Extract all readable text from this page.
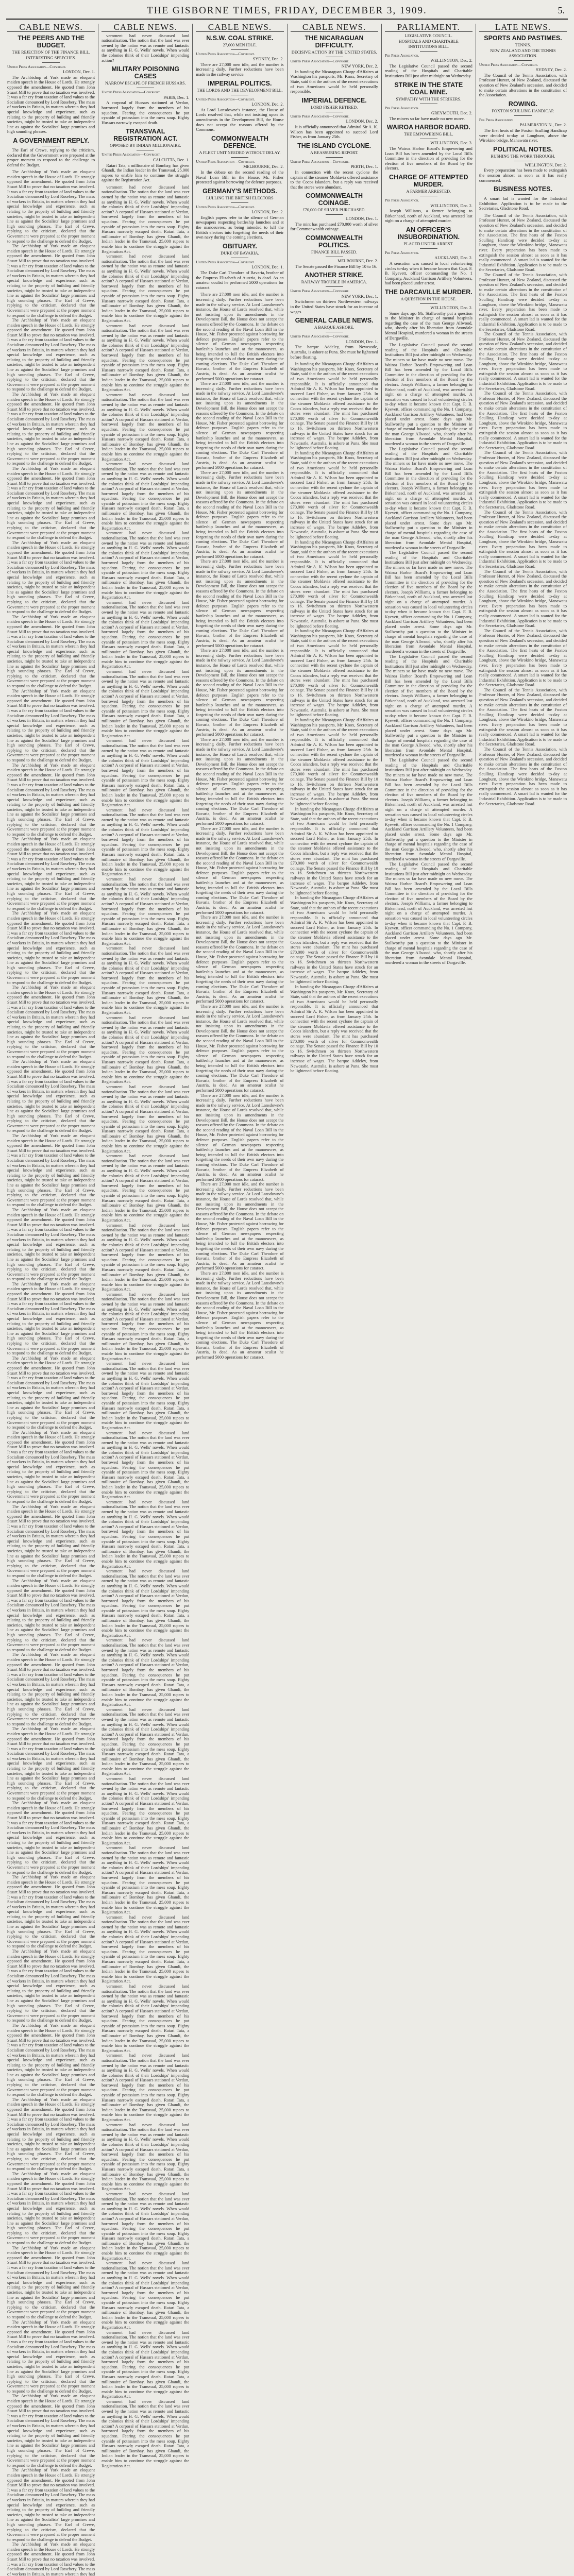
THE GISBORNE TIMES, FRIDAY, DECEMBER 3, 1909.	5.
CABLE NEWS.
THE PEERS AND THE BUDGET.
THE REJECTION OF THE FINANCE BILL.
INTERESTING SPEECHES.
United Press Association—Copyright.
LONDON, Dec. 1.

The Archbishop of York made an eloquent maiden speech in the House of Lords. He strongly opposed the amendment. He quoted from John Stuart Mill to prove that no taxation was involved. It was a far cry from taxation of land values to the Socialism denounced by Lord Rosebery. The mass of workers in Britain, in matters wherein they had special knowledge and experience, such as relating to the property of building and friendly societies, might be trusted to take an independent line as against the Socialists' large promises and high sounding phrases.

A GOVERNMENT REPLY.

The Earl of Crewe, replying to the criticism, declared that the Government were prepared at the proper moment to respond to the challenge to defend the Budget.

The Archbishop of York made an eloquent maiden speech in the House of Lords. He strongly opposed the amendment. He quoted from John Stuart Mill to prove that no taxation was involved. It was a far cry from taxation of land values to the Socialism denounced by Lord Rosebery. The mass of workers in Britain, in matters wherein they had special knowledge and experience, such as relating to the property of building and friendly societies, might be trusted to take an independent line as against the Socialists' large promises and high sounding phrases. The Earl of Crewe, replying to the criticism, declared that the Government were prepared at the proper moment to respond to the challenge to defend the Budget.

The Archbishop of York made an eloquent maiden speech in the House of Lords. He strongly opposed the amendment. He quoted from John Stuart Mill to prove that no taxation was involved. It was a far cry from taxation of land values to the Socialism denounced by Lord Rosebery. The mass of workers in Britain, in matters wherein they had special knowledge and experience, such as relating to the property of building and friendly societies, might be trusted to take an independent line as against the Socialists' large promises and high sounding phrases. The Earl of Crewe, replying to the criticism, declared that the Government were prepared at the proper moment to respond to the challenge to defend the Budget.

The Archbishop of York made an eloquent maiden speech in the House of Lords. He strongly opposed the amendment. He quoted from John Stuart Mill to prove that no taxation was involved. It was a far cry from taxation of land values to the Socialism denounced by Lord Rosebery. The mass of workers in Britain, in matters wherein they had special knowledge and experience, such as relating to the property of building and friendly societies, might be trusted to take an independent line as against the Socialists' large promises and high sounding phrases. The Earl of Crewe, replying to the criticism, declared that the Government were prepared at the proper moment to respond to the challenge to defend the Budget.

The Archbishop of York made an eloquent maiden speech in the House of Lords. He strongly opposed the amendment. He quoted from John Stuart Mill to prove that no taxation was involved. It was a far cry from taxation of land values to the Socialism denounced by Lord Rosebery. The mass of workers in Britain, in matters wherein they had special knowledge and experience, such as relating to the property of building and friendly societies, might be trusted to take an independent line as against the Socialists' large promises and high sounding phrases. The Earl of Crewe, replying to the criticism, declared that the Government were prepared at the proper moment to respond to the challenge to defend the Budget.

The Archbishop of York made an eloquent maiden speech in the House of Lords. He strongly opposed the amendment. He quoted from John Stuart Mill to prove that no taxation was involved. It was a far cry from taxation of land values to the Socialism denounced by Lord Rosebery. The mass of workers in Britain, in matters wherein they had special knowledge and experience, such as relating to the property of building and friendly societies, might be trusted to take an independent line as against the Socialists' large promises and high sounding phrases. The Earl of Crewe, replying to the criticism, declared that the Government were prepared at the proper moment to respond to the challenge to defend the Budget.

The Archbishop of York made an eloquent maiden speech in the House of Lords. He strongly opposed the amendment. He quoted from John Stuart Mill to prove that no taxation was involved. It was a far cry from taxation of land values to the Socialism denounced by Lord Rosebery. The mass of workers in Britain, in matters wherein they had special knowledge and experience, such as relating to the property of building and friendly societies, might be trusted to take an independent line as against the Socialists' large promises and high sounding phrases. The Earl of Crewe, replying to the criticism, declared that the Government were prepared at the proper moment to respond to the challenge to defend the Budget.

The Archbishop of York made an eloquent maiden speech in the House of Lords. He strongly opposed the amendment. He quoted from John Stuart Mill to prove that no taxation was involved. It was a far cry from taxation of land values to the Socialism denounced by Lord Rosebery. The mass of workers in Britain, in matters wherein they had special knowledge and experience, such as relating to the property of building and friendly societies, might be trusted to take an independent line as against the Socialists' large promises and high sounding phrases. The Earl of Crewe, replying to the criticism, declared that the Government were prepared at the proper moment to respond to the challenge to defend the Budget.

The Archbishop of York made an eloquent maiden speech in the House of Lords. He strongly opposed the amendment. He quoted from John Stuart Mill to prove that no taxation was involved. It was a far cry from taxation of land values to the Socialism denounced by Lord Rosebery. The mass of workers in Britain, in matters wherein they had special knowledge and experience, such as relating to the property of building and friendly societies, might be trusted to take an independent line as against the Socialists' large promises and high sounding phrases. The Earl of Crewe, replying to the criticism, declared that the Government were prepared at the proper moment to respond to the challenge to defend the Budget.

The Archbishop of York made an eloquent maiden speech in the House of Lords. He strongly opposed the amendment. He quoted from John Stuart Mill to prove that no taxation was involved. It was a far cry from taxation of land values to the Socialism denounced by Lord Rosebery. The mass of workers in Britain, in matters wherein they had special knowledge and experience, such as relating to the property of building and friendly societies, might be trusted to take an independent line as against the Socialists' large promises and high sounding phrases. The Earl of Crewe, replying to the criticism, declared that the Government were prepared at the proper moment to respond to the challenge to defend the Budget.

The Archbishop of York made an eloquent maiden speech in the House of Lords. He strongly opposed the amendment. He quoted from John Stuart Mill to prove that no taxation was involved. It was a far cry from taxation of land values to the Socialism denounced by Lord Rosebery. The mass of workers in Britain, in matters wherein they had special knowledge and experience, such as relating to the property of building and friendly societies, might be trusted to take an independent line as against the Socialists' large promises and high sounding phrases. The Earl of Crewe, replying to the criticism, declared that the Government were prepared at the proper moment to respond to the challenge to defend the Budget.

The Archbishop of York made an eloquent maiden speech in the House of Lords. He strongly opposed the amendment. He quoted from John Stuart Mill to prove that no taxation was involved. It was a far cry from taxation of land values to the Socialism denounced by Lord Rosebery. The mass of workers in Britain, in matters wherein they had special knowledge and experience, such as relating to the property of building and friendly societies, might be trusted to take an independent line as against the Socialists' large promises and high sounding phrases. The Earl of Crewe, replying to the criticism, declared that the Government were prepared at the proper moment to respond to the challenge to defend the Budget.

The Archbishop of York made an eloquent maiden speech in the House of Lords. He strongly opposed the amendment. He quoted from John Stuart Mill to prove that no taxation was involved. It was a far cry from taxation of land values to the Socialism denounced by Lord Rosebery. The mass of workers in Britain, in matters wherein they had special knowledge and experience, such as relating to the property of building and friendly societies, might be trusted to take an independent line as against the Socialists' large promises and high sounding phrases. The Earl of Crewe, replying to the criticism, declared that the Government were prepared at the proper moment to respond to the challenge to defend the Budget.

The Archbishop of York made an eloquent maiden speech in the House of Lords. He strongly opposed the amendment. He quoted from John Stuart Mill to prove that no taxation was involved. It was a far cry from taxation of land values to the Socialism denounced by Lord Rosebery. The mass of workers in Britain, in matters wherein they had special knowledge and experience, such as relating to the property of building and friendly societies, might be trusted to take an independent line as against the Socialists' large promises and high sounding phrases. The Earl of Crewe, replying to the criticism, declared that the Government were prepared at the proper moment to respond to the challenge to defend the Budget.

The Archbishop of York made an eloquent maiden speech in the House of Lords. He strongly opposed the amendment. He quoted from John Stuart Mill to prove that no taxation was involved. It was a far cry from taxation of land values to the Socialism denounced by Lord Rosebery. The mass of workers in Britain, in matters wherein they had special knowledge and experience, such as relating to the property of building and friendly societies, might be trusted to take an independent line as against the Socialists' large promises and high sounding phrases. The Earl of Crewe, replying to the criticism, declared that the Government were prepared at the proper moment to respond to the challenge to defend the Budget.

The Archbishop of York made an eloquent maiden speech in the House of Lords. He strongly opposed the amendment. He quoted from John Stuart Mill to prove that no taxation was involved. It was a far cry from taxation of land values to the Socialism denounced by Lord Rosebery. The mass of workers in Britain, in matters wherein they had special knowledge and experience, such as relating to the property of building and friendly societies, might be trusted to take an independent line as against the Socialists' large promises and high sounding phrases. The Earl of Crewe, replying to the criticism, declared that the Government were prepared at the proper moment to respond to the challenge to defend the Budget.

The Archbishop of York made an eloquent maiden speech in the House of Lords. He strongly opposed the amendment. He quoted from John Stuart Mill to prove that no taxation was involved. It was a far cry from taxation of land values to the Socialism denounced by Lord Rosebery. The mass of workers in Britain, in matters wherein they had special knowledge and experience, such as relating to the property of building and friendly societies, might be trusted to take an independent line as against the Socialists' large promises and high sounding phrases. The Earl of Crewe, replying to the criticism, declared that the Government were prepared at the proper moment to respond to the challenge to defend the Budget.

The Archbishop of York made an eloquent maiden speech in the House of Lords. He strongly opposed the amendment. He quoted from John Stuart Mill to prove that no taxation was involved. It was a far cry from taxation of land values to the Socialism denounced by Lord Rosebery. The mass of workers in Britain, in matters wherein they had special knowledge and experience, such as relating to the property of building and friendly societies, might be trusted to take an independent line as against the Socialists' large promises and high sounding phrases. The Earl of Crewe, replying to the criticism, declared that the Government were prepared at the proper moment to respond to the challenge to defend the Budget.

The Archbishop of York made an eloquent maiden speech in the House of Lords. He strongly opposed the amendment. He quoted from John Stuart Mill to prove that no taxation was involved. It was a far cry from taxation of land values to the Socialism denounced by Lord Rosebery. The mass of workers in Britain, in matters wherein they had special knowledge and experience, such as relating to the property of building and friendly societies, might be trusted to take an independent line as against the Socialists' large promises and high sounding phrases. The Earl of Crewe, replying to the criticism, declared that the Government were prepared at the proper moment to respond to the challenge to defend the Budget.

The Archbishop of York made an eloquent maiden speech in the House of Lords. He strongly opposed the amendment. He quoted from John Stuart Mill to prove that no taxation was involved. It was a far cry from taxation of land values to the Socialism denounced by Lord Rosebery. The mass of workers in Britain, in matters wherein they had special knowledge and experience, such as relating to the property of building and friendly societies, might be trusted to take an independent line as against the Socialists' large promises and high sounding phrases. The Earl of Crewe, replying to the criticism, declared that the Government were prepared at the proper moment to respond to the challenge to defend the Budget.

The Archbishop of York made an eloquent maiden speech in the House of Lords. He strongly opposed the amendment. He quoted from John Stuart Mill to prove that no taxation was involved. It was a far cry from taxation of land values to the Socialism denounced by Lord Rosebery. The mass of workers in Britain, in matters wherein they had special knowledge and experience, such as relating to the property of building and friendly societies, might be trusted to take an independent line as against the Socialists' large promises and high sounding phrases. The Earl of Crewe, replying to the criticism, declared that the Government were prepared at the proper moment to respond to the challenge to defend the Budget.

The Archbishop of York made an eloquent maiden speech in the House of Lords. He strongly opposed the amendment. He quoted from John Stuart Mill to prove that no taxation was involved. It was a far cry from taxation of land values to the Socialism denounced by Lord Rosebery. The mass of workers in Britain, in matters wherein they had special knowledge and experience, such as relating to the property of building and friendly societies, might be trusted to take an independent line as against the Socialists' large promises and high sounding phrases. The Earl of Crewe, replying to the criticism, declared that the Government were prepared at the proper moment to respond to the challenge to defend the Budget.

The Archbishop of York made an eloquent maiden speech in the House of Lords. He strongly opposed the amendment. He quoted from John Stuart Mill to prove that no taxation was involved. It was a far cry from taxation of land values to the Socialism denounced by Lord Rosebery. The mass of workers in Britain, in matters wherein they had special knowledge and experience, such as relating to the property of building and friendly societies, might be trusted to take an independent line as against the Socialists' large promises and high sounding phrases. The Earl of Crewe, replying to the criticism, declared that the Government were prepared at the proper moment to respond to the challenge to defend the Budget.

The Archbishop of York made an eloquent maiden speech in the House of Lords. He strongly opposed the amendment. He quoted from John Stuart Mill to prove that no taxation was involved. It was a far cry from taxation of land values to the Socialism denounced by Lord Rosebery. The mass of workers in Britain, in matters wherein they had special knowledge and experience, such as relating to the property of building and friendly societies, might be trusted to take an independent line as against the Socialists' large promises and high sounding phrases. The Earl of Crewe, replying to the criticism, declared that the Government were prepared at the proper moment to respond to the challenge to defend the Budget.

The Archbishop of York made an eloquent maiden speech in the House of Lords. He strongly opposed the amendment. He quoted from John Stuart Mill to prove that no taxation was involved. It was a far cry from taxation of land values to the Socialism denounced by Lord Rosebery. The mass of workers in Britain, in matters wherein they had special knowledge and experience, such as relating to the property of building and friendly societies, might be trusted to take an independent line as against the Socialists' large promises and high sounding phrases. The Earl of Crewe, replying to the criticism, declared that the Government were prepared at the proper moment to respond to the challenge to defend the Budget.

The Archbishop of York made an eloquent maiden speech in the House of Lords. He strongly opposed the amendment. He quoted from John Stuart Mill to prove that no taxation was involved. It was a far cry from taxation of land values to the Socialism denounced by Lord Rosebery. The mass of workers in Britain, in matters wherein they had special knowledge and experience, such as relating to the property of building and friendly societies, might be trusted to take an independent line as against the Socialists' large promises and high sounding phrases. The Earl of Crewe, replying to the criticism, declared that the Government were prepared at the proper moment to respond to the challenge to defend the Budget.

The Archbishop of York made an eloquent maiden speech in the House of Lords. He strongly opposed the amendment. He quoted from John Stuart Mill to prove that no taxation was involved. It was a far cry from taxation of land values to the Socialism denounced by Lord Rosebery. The mass of workers in Britain, in matters wherein they had special knowledge and experience, such as relating to the property of building and friendly societies, might be trusted to take an independent line as against the Socialists' large promises and high sounding phrases. The Earl of Crewe, replying to the criticism, declared that the Government were prepared at the proper moment to respond to the challenge to defend the Budget.

The Archbishop of York made an eloquent maiden speech in the House of Lords. He strongly opposed the amendment. He quoted from John Stuart Mill to prove that no taxation was involved. It was a far cry from taxation of land values to the Socialism denounced by Lord Rosebery. The mass of workers in Britain, in matters wherein they had special knowledge and experience, such as relating to the property of building and friendly societies, might be trusted to take an independent line as against the Socialists' large promises and high sounding phrases. The Earl of Crewe, replying to the criticism, declared that the Government were prepared at the proper moment to respond to the challenge to defend the Budget.

The Archbishop of York made an eloquent maiden speech in the House of Lords. He strongly opposed the amendment. He quoted from John Stuart Mill to prove that no taxation was involved. It was a far cry from taxation of land values to the Socialism denounced by Lord Rosebery. The mass of workers in Britain, in matters wherein they had special knowledge and experience, such as relating to the property of building and friendly societies, might be trusted to take an independent line as against the Socialists' large promises and high sounding phrases. The Earl of Crewe, replying to the criticism, declared that the Government were prepared at the proper moment to respond to the challenge to defend the Budget.

The Archbishop of York made an eloquent maiden speech in the House of Lords. He strongly opposed the amendment. He quoted from John Stuart Mill to prove that no taxation was involved. It was a far cry from taxation of land values to the Socialism denounced by Lord Rosebery. The mass of workers in Britain, in matters wherein they had special knowledge and experience, such as relating to the property of building and friendly societies, might be trusted to take an independent line as against the Socialists' large promises and high sounding phrases. The Earl of Crewe, replying to the criticism, declared that the Government were prepared at the proper moment to respond to the challenge to defend the Budget.

The Archbishop of York made an eloquent maiden speech in the House of Lords. He strongly opposed the amendment. He quoted from John Stuart Mill to prove that no taxation was involved. It was a far cry from taxation of land values to the Socialism denounced by Lord Rosebery. The mass of workers in Britain, in matters wherein they had special knowledge and experience, such as relating to the property of building and friendly societies, might be trusted to take an independent line as against the Socialists' large promises and high sounding phrases. The Earl of Crewe, replying to the criticism, declared that the Government were prepared at the proper moment to respond to the challenge to defend the Budget.

The Archbishop of York made an eloquent maiden speech in the House of Lords. He strongly opposed the amendment. He quoted from John Stuart Mill to prove that no taxation was involved. It was a far cry from taxation of land values to the Socialism denounced by Lord Rosebery. The mass of workers in Britain, in matters wherein they had special knowledge and experience, such as relating to the property of building and friendly societies, might be trusted to take an independent line as against the Socialists' large promises and high sounding phrases. The Earl of Crewe, replying to the criticism, declared that the Government were prepared at the proper moment to respond to the challenge to defend the Budget.

The Archbishop of York made an eloquent maiden speech in the House of Lords. He strongly opposed the amendment. He quoted from John Stuart Mill to prove that no taxation was involved. It was a far cry from taxation of land values to the Socialism denounced by Lord Rosebery. The mass of workers in Britain, in matters wherein they had special knowledge and experience, such as relating to the property of building and friendly societies, might be trusted to take an independent line as against the Socialists' large promises and high sounding phrases. The Earl of Crewe, replying to the criticism, declared that the Government were prepared at the proper moment to respond to the challenge to defend the Budget.

The Archbishop of York made an eloquent maiden speech in the House of Lords. He strongly opposed the amendment. He quoted from John Stuart Mill to prove that no taxation was involved. It was a far cry from taxation of land values to the Socialism denounced by Lord Rosebery. The mass of workers in Britain, in matters wherein they had

CABLE NEWS.

vernment had never discussed land nationalisation. The notion that the land was ever owned by the nation was as remote and fantastic as anything in H. G. Wells' novels. When would the colonies think of their Lordships' impending action?

MILITARY POISONING CASES
NARROW ESCAPE OF FRENCH HUSSARS.
United Press Association—Copyright.
PARIS, Dec. 1.

A corporal of Hussars stationed at Verdun, borrowed largely from the members of his squadron. Fearing the consequences he put cyanide of potassium into the mess soup. Eighty Hussars narrowly escaped death.

TRANSVAAL REGISTRATION ACT.
OPPOSED BY INDIAN MILLIONAIRE.
United Press Association—Copyright.
CALCUTTA, Dec. 1.

Ratari Tata, a millionaire of Bombay, has given Ghandi, the Indian leader in the Transvaal, 25,000 rupees to enable him to continue the struggle against the Registration Act.

vernment had never discussed land nationalisation. The notion that the land was ever owned by the nation was as remote and fantastic as anything in H. G. Wells' novels. When would the colonies think of their Lordships' impending action? A corporal of Hussars stationed at Verdun, borrowed largely from the members of his squadron. Fearing the consequences he put cyanide of potassium into the mess soup. Eighty Hussars narrowly escaped death. Ratari Tata, a millionaire of Bombay, has given Ghandi, the Indian leader in the Transvaal, 25,000 rupees to enable him to continue the struggle against the Registration Act.

vernment had never discussed land nationalisation. The notion that the land was ever owned by the nation was as remote and fantastic as anything in H. G. Wells' novels. When would the colonies think of their Lordships' impending action? A corporal of Hussars stationed at Verdun, borrowed largely from the members of his squadron. Fearing the consequences he put cyanide of potassium into the mess soup. Eighty Hussars narrowly escaped death. Ratari Tata, a millionaire of Bombay, has given Ghandi, the Indian leader in the Transvaal, 25,000 rupees to enable him to continue the struggle against the Registration Act.

vernment had never discussed land nationalisation. The notion that the land was ever owned by the nation was as remote and fantastic as anything in H. G. Wells' novels. When would the colonies think of their Lordships' impending action? A corporal of Hussars stationed at Verdun, borrowed largely from the members of his squadron. Fearing the consequences he put cyanide of potassium into the mess soup. Eighty Hussars narrowly escaped death. Ratari Tata, a millionaire of Bombay, has given Ghandi, the Indian leader in the Transvaal, 25,000 rupees to enable him to continue the struggle against the Registration Act.

vernment had never discussed land nationalisation. The notion that the land was ever owned by the nation was as remote and fantastic as anything in H. G. Wells' novels. When would the colonies think of their Lordships' impending action? A corporal of Hussars stationed at Verdun, borrowed largely from the members of his squadron. Fearing the consequences he put cyanide of potassium into the mess soup. Eighty Hussars narrowly escaped death. Ratari Tata, a millionaire of Bombay, has given Ghandi, the Indian leader in the Transvaal, 25,000 rupees to enable him to continue the struggle against the Registration Act.

vernment had never discussed land nationalisation. The notion that the land was ever owned by the nation was as remote and fantastic as anything in H. G. Wells' novels. When would the colonies think of their Lordships' impending action? A corporal of Hussars stationed at Verdun, borrowed largely from the members of his squadron. Fearing the consequences he put cyanide of potassium into the mess soup. Eighty Hussars narrowly escaped death. Ratari Tata, a millionaire of Bombay, has given Ghandi, the Indian leader in the Transvaal, 25,000 rupees to enable him to continue the struggle against the Registration Act.

vernment had never discussed land nationalisation. The notion that the land was ever owned by the nation was as remote and fantastic as anything in H. G. Wells' novels. When would the colonies think of their Lordships' impending action? A corporal of Hussars stationed at Verdun, borrowed largely from the members of his squadron. Fearing the consequences he put cyanide of potassium into the mess soup. Eighty Hussars narrowly escaped death. Ratari Tata, a millionaire of Bombay, has given Ghandi, the Indian leader in the Transvaal, 25,000 rupees to enable him to continue the struggle against the Registration Act.

vernment had never discussed land nationalisation. The notion that the land was ever owned by the nation was as remote and fantastic as anything in H. G. Wells' novels. When would the colonies think of their Lordships' impending action? A corporal of Hussars stationed at Verdun, borrowed largely from the members of his squadron. Fearing the consequences he put cyanide of potassium into the mess soup. Eighty Hussars narrowly escaped death. Ratari Tata, a millionaire of Bombay, has given Ghandi, the Indian leader in the Transvaal, 25,000 rupees to enable him to continue the struggle against the Registration Act.

vernment had never discussed land nationalisation. The notion that the land was ever owned by the nation was as remote and fantastic as anything in H. G. Wells' novels. When would the colonies think of their Lordships' impending action? A corporal of Hussars stationed at Verdun, borrowed largely from the members of his squadron. Fearing the consequences he put cyanide of potassium into the mess soup. Eighty Hussars narrowly escaped death. Ratari Tata, a millionaire of Bombay, has given Ghandi, the Indian leader in the Transvaal, 25,000 rupees to enable him to continue the struggle against the Registration Act.

vernment had never discussed land nationalisation. The notion that the land was ever owned by the nation was as remote and fantastic as anything in H. G. Wells' novels. When would the colonies think of their Lordships' impending action? A corporal of Hussars stationed at Verdun, borrowed largely from the members of his squadron. Fearing the consequences he put cyanide of potassium into the mess soup. Eighty Hussars narrowly escaped death. Ratari Tata, a millionaire of Bombay, has given Ghandi, the Indian leader in the Transvaal, 25,000 rupees to enable him to continue the struggle against the Registration Act.

vernment had never discussed land nationalisation. The notion that the land was ever owned by the nation was as remote and fantastic as anything in H. G. Wells' novels. When would the colonies think of their Lordships' impending action? A corporal of Hussars stationed at Verdun, borrowed largely from the members of his squadron. Fearing the consequences he put cyanide of potassium into the mess soup. Eighty Hussars narrowly escaped death. Ratari Tata, a millionaire of Bombay, has given Ghandi, the Indian leader in the Transvaal, 25,000 rupees to enable him to continue the struggle against the Registration Act.

vernment had never discussed land nationalisation. The notion that the land was ever owned by the nation was as remote and fantastic as anything in H. G. Wells' novels. When would the colonies think of their Lordships' impending action? A corporal of Hussars stationed at Verdun, borrowed largely from the members of his squadron. Fearing the consequences he put cyanide of potassium into the mess soup. Eighty Hussars narrowly escaped death. Ratari Tata, a millionaire of Bombay, has given Ghandi, the Indian leader in the Transvaal, 25,000 rupees to enable him to continue the struggle against the Registration Act.

vernment had never discussed land nationalisation. The notion that the land was ever owned by the nation was as remote and fantastic as anything in H. G. Wells' novels. When would the colonies think of their Lordships' impending action? A corporal of Hussars stationed at Verdun, borrowed largely from the members of his squadron. Fearing the consequences he put cyanide of potassium into the mess soup. Eighty Hussars narrowly escaped death. Ratari Tata, a millionaire of Bombay, has given Ghandi, the Indian leader in the Transvaal, 25,000 rupees to enable him to continue the struggle against the Registration Act.

vernment had never discussed land nationalisation. The notion that the land was ever owned by the nation was as remote and fantastic as anything in H. G. Wells' novels. When would the colonies think of their Lordships' impending action? A corporal of Hussars stationed at Verdun, borrowed largely from the members of his squadron. Fearing the consequences he put cyanide of potassium into the mess soup. Eighty Hussars narrowly escaped death. Ratari Tata, a millionaire of Bombay, has given Ghandi, the Indian leader in the Transvaal, 25,000 rupees to enable him to continue the struggle against the Registration Act.

vernment had never discussed land nationalisation. The notion that the land was ever owned by the nation was as remote and fantastic as anything in H. G. Wells' novels. When would the colonies think of their Lordships' impending action? A corporal of Hussars stationed at Verdun, borrowed largely from the members of his squadron. Fearing the consequences he put cyanide of potassium into the mess soup. Eighty Hussars narrowly escaped death. Ratari Tata, a millionaire of Bombay, has given Ghandi, the Indian leader in the Transvaal, 25,000 rupees to enable him to continue the struggle against the Registration Act.

vernment had never discussed land nationalisation. The notion that the land was ever owned by the nation was as remote and fantastic as anything in H. G. Wells' novels. When would the colonies think of their Lordships' impending action? A corporal of Hussars stationed at Verdun, borrowed largely from the members of his squadron. Fearing the consequences he put cyanide of potassium into the mess soup. Eighty Hussars narrowly escaped death. Ratari Tata, a millionaire of Bombay, has given Ghandi, the Indian leader in the Transvaal, 25,000 rupees to enable him to continue the struggle against the Registration Act.

vernment had never discussed land nationalisation. The notion that the land was ever owned by the nation was as remote and fantastic as anything in H. G. Wells' novels. When would the colonies think of their Lordships' impending action? A corporal of Hussars stationed at Verdun, borrowed largely from the members of his squadron. Fearing the consequences he put cyanide of potassium into the mess soup. Eighty Hussars narrowly escaped death. Ratari Tata, a millionaire of Bombay, has given Ghandi, the Indian leader in the Transvaal, 25,000 rupees to enable him to continue the struggle against the Registration Act.

vernment had never discussed land nationalisation. The notion that the land was ever owned by the nation was as remote and fantastic as anything in H. G. Wells' novels. When would the colonies think of their Lordships' impending action? A corporal of Hussars stationed at Verdun, borrowed largely from the members of his squadron. Fearing the consequences he put cyanide of potassium into the mess soup. Eighty Hussars narrowly escaped death. Ratari Tata, a millionaire of Bombay, has given Ghandi, the Indian leader in the Transvaal, 25,000 rupees to enable him to continue the struggle against the Registration Act.

vernment had never discussed land nationalisation. The notion that the land was ever owned by the nation was as remote and fantastic as anything in H. G. Wells' novels. When would the colonies think of their Lordships' impending action? A corporal of Hussars stationed at Verdun, borrowed largely from the members of his squadron. Fearing the consequences he put cyanide of potassium into the mess soup. Eighty Hussars narrowly escaped death. Ratari Tata, a millionaire of Bombay, has given Ghandi, the Indian leader in the Transvaal, 25,000 rupees to enable him to continue the struggle against the Registration Act.

vernment had never discussed land nationalisation. The notion that the land was ever owned by the nation was as remote and fantastic as anything in H. G. Wells' novels. When would the colonies think of their Lordships' impending action? A corporal of Hussars stationed at Verdun, borrowed largely from the members of his squadron. Fearing the consequences he put cyanide of potassium into the mess soup. Eighty Hussars narrowly escaped death. Ratari Tata, a millionaire of Bombay, has given Ghandi, the Indian leader in the Transvaal, 25,000 rupees to enable him to continue the struggle against the Registration Act.

vernment had never discussed land nationalisation. The notion that the land was ever owned by the nation was as remote and fantastic as anything in H. G. Wells' novels. When would the colonies think of their Lordships' impending action? A corporal of Hussars stationed at Verdun, borrowed largely from the members of his squadron. Fearing the consequences he put cyanide of potassium into the mess soup. Eighty Hussars narrowly escaped death. Ratari Tata, a millionaire of Bombay, has given Ghandi, the Indian leader in the Transvaal, 25,000 rupees to enable him to continue the struggle against the Registration Act.

vernment had never discussed land nationalisation. The notion that the land was ever owned by the nation was as remote and fantastic as anything in H. G. Wells' novels. When would the colonies think of their Lordships' impending action? A corporal of Hussars stationed at Verdun, borrowed largely from the members of his squadron. Fearing the consequences he put cyanide of potassium into the mess soup. Eighty Hussars narrowly escaped death. Ratari Tata, a millionaire of Bombay, has given Ghandi, the Indian leader in the Transvaal, 25,000 rupees to enable him to continue the struggle against the Registration Act.

vernment had never discussed land nationalisation. The notion that the land was ever owned by the nation was as remote and fantastic as anything in H. G. Wells' novels. When would the colonies think of their Lordships' impending action? A corporal of Hussars stationed at Verdun, borrowed largely from the members of his squadron. Fearing the consequences he put cyanide of potassium into the mess soup. Eighty Hussars narrowly escaped death. Ratari Tata, a millionaire of Bombay, has given Ghandi, the Indian leader in the Transvaal, 25,000 rupees to enable him to continue the struggle against the Registration Act.

vernment had never discussed land nationalisation. The notion that the land was ever owned by the nation was as remote and fantastic as anything in H. G. Wells' novels. When would the colonies think of their Lordships' impending action? A corporal of Hussars stationed at Verdun, borrowed largely from the members of his squadron. Fearing the consequences he put cyanide of potassium into the mess soup. Eighty Hussars narrowly escaped death. Ratari Tata, a millionaire of Bombay, has given Ghandi, the Indian leader in the Transvaal, 25,000 rupees to enable him to continue the struggle against the Registration Act.

vernment had never discussed land nationalisation. The notion that the land was ever owned by the nation was as remote and fantastic as anything in H. G. Wells' novels. When would the colonies think of their Lordships' impending action? A corporal of Hussars stationed at Verdun, borrowed largely from the members of his squadron. Fearing the consequences he put cyanide of potassium into the mess soup. Eighty Hussars narrowly escaped death. Ratari Tata, a millionaire of Bombay, has given Ghandi, the Indian leader in the Transvaal, 25,000 rupees to enable him to continue the struggle against the Registration Act.

vernment had never discussed land nationalisation. The notion that the land was ever owned by the nation was as remote and fantastic as anything in H. G. Wells' novels. When would the colonies think of their Lordships' impending action? A corporal of Hussars stationed at Verdun, borrowed largely from the members of his squadron. Fearing the consequences he put cyanide of potassium into the mess soup. Eighty Hussars narrowly escaped death. Ratari Tata, a millionaire of Bombay, has given Ghandi, the Indian leader in the Transvaal, 25,000 rupees to enable him to continue the struggle against the Registration Act.

vernment had never discussed land nationalisation. The notion that the land was ever owned by the nation was as remote and fantastic as anything in H. G. Wells' novels. When would the colonies think of their Lordships' impending action? A corporal of Hussars stationed at Verdun, borrowed largely from the members of his squadron. Fearing the consequences he put cyanide of potassium into the mess soup. Eighty Hussars narrowly escaped death. Ratari Tata, a millionaire of Bombay, has given Ghandi, the Indian leader in the Transvaal, 25,000 rupees to enable him to continue the struggle against the Registration Act.

vernment had never discussed land nationalisation. The notion that the land was ever owned by the nation was as remote and fantastic as anything in H. G. Wells' novels. When would the colonies think of their Lordships' impending action? A corporal of Hussars stationed at Verdun, borrowed largely from the members of his squadron. Fearing the consequences he put cyanide of potassium into the mess soup. Eighty Hussars narrowly escaped death. Ratari Tata, a millionaire of Bombay, has given Ghandi, the Indian leader in the Transvaal, 25,000 rupees to enable him to continue the struggle against the Registration Act.

vernment had never discussed land nationalisation. The notion that the land was ever owned by the nation was as remote and fantastic as anything in H. G. Wells' novels. When would the colonies think of their Lordships' impending action? A corporal of Hussars stationed at Verdun, borrowed largely from the members of his squadron. Fearing the consequences he put cyanide of potassium into the mess soup. Eighty Hussars narrowly escaped death. Ratari Tata, a millionaire of Bombay, has given Ghandi, the Indian leader in the Transvaal, 25,000 rupees to enable him to continue the struggle against the Registration Act.

vernment had never discussed land nationalisation. The notion that the land was ever owned by the nation was as remote and fantastic as anything in H. G. Wells' novels. When would the colonies think of their Lordships' impending action? A corporal of Hussars stationed at Verdun, borrowed largely from the members of his squadron. Fearing the consequences he put cyanide of potassium into the mess soup. Eighty Hussars narrowly escaped death. Ratari Tata, a millionaire of Bombay, has given Ghandi, the Indian leader in the Transvaal, 25,000 rupees to enable him to continue the struggle against the Registration Act.

vernment had never discussed land nationalisation. The notion that the land was ever owned by the nation was as remote and fantastic as anything in H. G. Wells' novels. When would the colonies think of their Lordships' impending action? A corporal of Hussars stationed at Verdun, borrowed largely from the members of his squadron. Fearing the consequences he put cyanide of potassium into the mess soup. Eighty Hussars narrowly escaped death. Ratari Tata, a millionaire of Bombay, has given Ghandi, the Indian leader in the Transvaal, 25,000 rupees to enable him to continue the struggle against the Registration Act.

vernment had never discussed land nationalisation. The notion that the land was ever owned by the nation was as remote and fantastic as anything in H. G. Wells' novels. When would the colonies think of their Lordships' impending action? A corporal of Hussars stationed at Verdun, borrowed largely from the members of his squadron. Fearing the consequences he put cyanide of potassium into the mess soup. Eighty Hussars narrowly escaped death. Ratari Tata, a millionaire of Bombay, has given Ghandi, the Indian leader in the Transvaal, 25,000 rupees to enable him to continue the struggle against the Registration Act.

vernment had never discussed land nationalisation. The notion that the land was ever owned by the nation was as remote and fantastic as anything in H. G. Wells' novels. When would the colonies think of their Lordships' impending action? A corporal of Hussars stationed at Verdun, borrowed largely from the members of his squadron. Fearing the consequences he put cyanide of potassium into the mess soup. Eighty Hussars narrowly escaped death. Ratari Tata, a millionaire of Bombay, has given Ghandi, the Indian leader in the Transvaal, 25,000 rupees to enable him to continue the struggle against the Registration Act.

vernment had never discussed land nationalisation. The notion that the land was ever owned by the nation was as remote and fantastic as anything in H. G. Wells' novels. When would the colonies think of their Lordships' impending action? A corporal of Hussars stationed at Verdun, borrowed largely from the members of his squadron. Fearing the consequences he put cyanide of potassium into the mess soup. Eighty Hussars narrowly escaped death. Ratari Tata, a millionaire of Bombay, has given Ghandi, the Indian leader in the Transvaal, 25,000 rupees to enable him to continue the struggle against the Registration Act.

CABLE NEWS.
N.S.W. COAL STRIKE.
27,000 MEN IDLE.
United Press Association—Copyright.
SYDNEY, Dec. 2.

There are 27,000 men idle, and the number is increasing daily. Further reductions have been made in the railway service.

IMPERIAL POLITICS.
THE LORDS AND THE DEVELOPMENT BILL.
United Press Association—Copyright.
LONDON, Dec. 2.

At Lord Lansdowne's instance, the House of Lords resolved that, while not insisting upon its amendments in the Development Bill, the House does not accept the reasons offered by the Commons.

COMMONWEALTH DEFENCE.
A FLEET UNIT NEEDED WITHOUT DELAY.
United Press Association—Copyright.
MELBOURNE, Dec. 2.

In the debate on the second reading of the Naval Loan Bill in the House, Mr. Fisher protested against borrowing for defence purposes.

GERMANY'S METHODS.
LULLING THE BRITISH ELECTORS
United Press Association—Copyright.
LONDON, Dec. 2.

English papers refer to the silence of German newspapers respecting battleship launches and at the manoeuvres, as being intended to lull the British electors into forgetting the needs of their own navy during the coming elections.

OBITUARY.
DUKE OF BAVARIA.
United Press Association—Copyright.
LONDON, Dec. 1.

The Duke Carl Theodore of Bavaria, brother of the Empress Elizabeth of Austria, is dead. As an amateur oculist he performed 5000 operations for cataract.

There are 27,000 men idle, and the number is increasing daily. Further reductions have been made in the railway service. At Lord Lansdowne's instance, the House of Lords resolved that, while not insisting upon its amendments in the Development Bill, the House does not accept the reasons offered by the Commons. In the debate on the second reading of the Naval Loan Bill in the House, Mr. Fisher protested against borrowing for defence purposes. English papers refer to the silence of German newspapers respecting battleship launches and at the manoeuvres, as being intended to lull the British electors into forgetting the needs of their own navy during the coming elections. The Duke Carl Theodore of Bavaria, brother of the Empress Elizabeth of Austria, is dead. As an amateur oculist he performed 5000 operations for cataract.

There are 27,000 men idle, and the number is increasing daily. Further reductions have been made in the railway service. At Lord Lansdowne's instance, the House of Lords resolved that, while not insisting upon its amendments in the Development Bill, the House does not accept the reasons offered by the Commons. In the debate on the second reading of the Naval Loan Bill in the House, Mr. Fisher protested against borrowing for defence purposes. English papers refer to the silence of German newspapers respecting battleship launches and at the manoeuvres, as being intended to lull the British electors into forgetting the needs of their own navy during the coming elections. The Duke Carl Theodore of Bavaria, brother of the Empress Elizabeth of Austria, is dead. As an amateur oculist he performed 5000 operations for cataract.

There are 27,000 men idle, and the number is increasing daily. Further reductions have been made in the railway service. At Lord Lansdowne's instance, the House of Lords resolved that, while not insisting upon its amendments in the Development Bill, the House does not accept the reasons offered by the Commons. In the debate on the second reading of the Naval Loan Bill in the House, Mr. Fisher protested against borrowing for defence purposes. English papers refer to the silence of German newspapers respecting battleship launches and at the manoeuvres, as being intended to lull the British electors into forgetting the needs of their own navy during the coming elections. The Duke Carl Theodore of Bavaria, brother of the Empress Elizabeth of Austria, is dead. As an amateur oculist he performed 5000 operations for cataract.

There are 27,000 men idle, and the number is increasing daily. Further reductions have been made in the railway service. At Lord Lansdowne's instance, the House of Lords resolved that, while not insisting upon its amendments in the Development Bill, the House does not accept the reasons offered by the Commons. In the debate on the second reading of the Naval Loan Bill in the House, Mr. Fisher protested against borrowing for defence purposes. English papers refer to the silence of German newspapers respecting battleship launches and at the manoeuvres, as being intended to lull the British electors into forgetting the needs of their own navy during the coming elections. The Duke Carl Theodore of Bavaria, brother of the Empress Elizabeth of Austria, is dead. As an amateur oculist he performed 5000 operations for cataract.

There are 27,000 men idle, and the number is increasing daily. Further reductions have been made in the railway service. At Lord Lansdowne's instance, the House of Lords resolved that, while not insisting upon its amendments in the Development Bill, the House does not accept the reasons offered by the Commons. In the debate on the second reading of the Naval Loan Bill in the House, Mr. Fisher protested against borrowing for defence purposes. English papers refer to the silence of German newspapers respecting battleship launches and at the manoeuvres, as being intended to lull the British electors into forgetting the needs of their own navy during the coming elections. The Duke Carl Theodore of Bavaria, brother of the Empress Elizabeth of Austria, is dead. As an amateur oculist he performed 5000 operations for cataract.

There are 27,000 men idle, and the number is increasing daily. Further reductions have been made in the railway service. At Lord Lansdowne's instance, the House of Lords resolved that, while not insisting upon its amendments in the Development Bill, the House does not accept the reasons offered by the Commons. In the debate on the second reading of the Naval Loan Bill in the House, Mr. Fisher protested against borrowing for defence purposes. English papers refer to the silence of German newspapers respecting battleship launches and at the manoeuvres, as being intended to lull the British electors into forgetting the needs of their own navy during the coming elections. The Duke Carl Theodore of Bavaria, brother of the Empress Elizabeth of Austria, is dead. As an amateur oculist he performed 5000 operations for cataract.

There are 27,000 men idle, and the number is increasing daily. Further reductions have been made in the railway service. At Lord Lansdowne's instance, the House of Lords resolved that, while not insisting upon its amendments in the Development Bill, the House does not accept the reasons offered by the Commons. In the debate on the second reading of the Naval Loan Bill in the House, Mr. Fisher protested against borrowing for defence purposes. English papers refer to the silence of German newspapers respecting battleship launches and at the manoeuvres, as being intended to lull the British electors into forgetting the needs of their own navy during the coming elections. The Duke Carl Theodore of Bavaria, brother of the Empress Elizabeth of Austria, is dead. As an amateur oculist he performed 5000 operations for cataract.

There are 27,000 men idle, and the number is increasing daily. Further reductions have been made in the railway service. At Lord Lansdowne's instance, the House of Lords resolved that, while not insisting upon its amendments in the Development Bill, the House does not accept the reasons offered by the Commons. In the debate on the second reading of the Naval Loan Bill in the House, Mr. Fisher protested against borrowing for defence purposes. English papers refer to the silence of German newspapers respecting battleship launches and at the manoeuvres, as being intended to lull the British electors into forgetting the needs of their own navy during the coming elections. The Duke Carl Theodore of Bavaria, brother of the Empress Elizabeth of Austria, is dead. As an amateur oculist he performed 5000 operations for cataract.

There are 27,000 men idle, and the number is increasing daily. Further reductions have been made in the railway service. At Lord Lansdowne's instance, the House of Lords resolved that, while not insisting upon its amendments in the Development Bill, the House does not accept the reasons offered by the Commons. In the debate on the second reading of the Naval Loan Bill in the House, Mr. Fisher protested against borrowing for defence purposes. English papers refer to the silence of German newspapers respecting battleship launches and at the manoeuvres, as being intended to lull the British electors into forgetting the needs of their own navy during the coming elections. The Duke Carl Theodore of Bavaria, brother of the Empress Elizabeth of Austria, is dead. As an amateur oculist he performed 5000 operations for cataract.

There are 27,000 men idle, and the number is increasing daily. Further reductions have been made in the railway service. At Lord Lansdowne's instance, the House of Lords resolved that, while not insisting upon its amendments in the Development Bill, the House does not accept the reasons offered by the Commons. In the debate on the second reading of the Naval Loan Bill in the House, Mr. Fisher protested against borrowing for defence purposes. English papers refer to the silence of German newspapers respecting battleship launches and at the manoeuvres, as being intended to lull the British electors into forgetting the needs of their own navy during the coming elections. The Duke Carl Theodore of Bavaria, brother of the Empress Elizabeth of Austria, is dead. As an amateur oculist he performed 5000 operations for cataract.

There are 27,000 men idle, and the number is increasing daily. Further reductions have been made in the railway service. At Lord Lansdowne's instance, the House of Lords resolved that, while not insisting upon its amendments in the Development Bill, the House does not accept the reasons offered by the Commons. In the debate on the second reading of the Naval Loan Bill in the House, Mr. Fisher protested against borrowing for defence purposes. English papers refer to the silence of German newspapers respecting battleship launches and at the manoeuvres, as being intended to lull the British electors into forgetting the needs of their own navy during the coming elections. The Duke Carl Theodore of Bavaria, brother of the Empress Elizabeth of Austria, is dead. As an amateur oculist he performed 5000 operations for cataract.

There are 27,000 men idle, and the number is increasing daily. Further reductions have been made in the railway service. At Lord Lansdowne's instance, the House of Lords resolved that, while not insisting upon its amendments in the Development Bill, the House does not accept the reasons offered by the Commons. In the debate on the second reading of the Naval Loan Bill in the House, Mr. Fisher protested against borrowing for defence purposes. English papers refer to the silence of German newspapers respecting battleship launches and at the manoeuvres, as being intended to lull the British electors into forgetting the needs of their own navy during the coming elections. The Duke Carl Theodore of Bavaria, brother of the Empress Elizabeth of Austria, is dead. As an amateur oculist he performed 5000 operations for cataract.

CABLE NEWS.
THE NICARAGUAN DIFFICULTY.
DECISIVE ACTION BY THE UNITED STATES.
United Press Association—Copyright.
NEW YORK, Dec. 2.

In handing the Nicaraguan Charge d'Affaires at Washington his passports, Mr. Knox, Secretary of State, said that the authors of the recent executions of two Americans would be held personally responsible.

IMPERIAL DEFENCE.
LORD FISHER RETIRED.
United Press Association—Copyright.
LONDON, Dec. 2.

It is officially announced that Admiral Sir A. K. Wilson has been appointed to succeed Lord Fisher, as from January 25th.

THE ISLAND CYCLONE.
A REASSURING REPORT.
United Press Association—Copyright.
PERTH, Dec. 1.

In connection with the recent cyclone the captain of the steamer Moldavia offered assistance to the Cocos islanders, but a reply was received that the stores were abundant.

COMMONWEALTH COINAGE.
£70,000 OF SILVER PURCHASED.
LONDON, Dec. 1.

The mint has purchased £70,000 worth of silver for Commonwealth coinage.

COMMONWEALTH POLITICS.
FINANCE BILL PASSED.
MELBOURNE, Dec. 2.

The Senate passed the Finance Bill by 10 to 16.

ANOTHER STRIKE.
RAILWAY TROUBLE IN AMERICA.
United Press Association—Copyright.
NEW YORK, Dec. 1.

Switchmen on thirteen Northwestern railways in the United States have struck for an increase of wages.

GENERAL CABLE NEWS.
A BARQUE ASHORE.
United Press Association—Copyright.
LONDON, Dec. 1.

The barque Addeley, from Newcastle, Australia, is ashore at Puna. She must be lightened before floating.

In handing the Nicaraguan Charge d'Affaires at Washington his passports, Mr. Knox, Secretary of State, said that the authors of the recent executions of two Americans would be held personally responsible. It is officially announced that Admiral Sir A. K. Wilson has been appointed to succeed Lord Fisher, as from January 25th. In connection with the recent cyclone the captain of the steamer Moldavia offered assistance to the Cocos islanders, but a reply was received that the stores were abundant. The mint has purchased £70,000 worth of silver for Commonwealth coinage. The Senate passed the Finance Bill by 10 to 16. Switchmen on thirteen Northwestern railways in the United States have struck for an increase of wages. The barque Addeley, from Newcastle, Australia, is ashore at Puna. She must be lightened before floating.

In handing the Nicaraguan Charge d'Affaires at Washington his passports, Mr. Knox, Secretary of State, said that the authors of the recent executions of two Americans would be held personally responsible. It is officially announced that Admiral Sir A. K. Wilson has been appointed to succeed Lord Fisher, as from January 25th. In connection with the recent cyclone the captain of the steamer Moldavia offered assistance to the Cocos islanders, but a reply was received that the stores were abundant. The mint has purchased £70,000 worth of silver for Commonwealth coinage. The Senate passed the Finance Bill by 10 to 16. Switchmen on thirteen Northwestern railways in the United States have struck for an increase of wages. The barque Addeley, from Newcastle, Australia, is ashore at Puna. She must be lightened before floating.

In handing the Nicaraguan Charge d'Affaires at Washington his passports, Mr. Knox, Secretary of State, said that the authors of the recent executions of two Americans would be held personally responsible. It is officially announced that Admiral Sir A. K. Wilson has been appointed to succeed Lord Fisher, as from January 25th. In connection with the recent cyclone the captain of the steamer Moldavia offered assistance to the Cocos islanders, but a reply was received that the stores were abundant. The mint has purchased £70,000 worth of silver for Commonwealth coinage. The Senate passed the Finance Bill by 10 to 16. Switchmen on thirteen Northwestern railways in the United States have struck for an increase of wages. The barque Addeley, from Newcastle, Australia, is ashore at Puna. She must be lightened before floating.

In handing the Nicaraguan Charge d'Affaires at Washington his passports, Mr. Knox, Secretary of State, said that the authors of the recent executions of two Americans would be held personally responsible. It is officially announced that Admiral Sir A. K. Wilson has been appointed to succeed Lord Fisher, as from January 25th. In connection with the recent cyclone the captain of the steamer Moldavia offered assistance to the Cocos islanders, but a reply was received that the stores were abundant. The mint has purchased £70,000 worth of silver for Commonwealth coinage. The Senate passed the Finance Bill by 10 to 16. Switchmen on thirteen Northwestern railways in the United States have struck for an increase of wages. The barque Addeley, from Newcastle, Australia, is ashore at Puna. She must be lightened before floating.

In handing the Nicaraguan Charge d'Affaires at Washington his passports, Mr. Knox, Secretary of State, said that the authors of the recent executions of two Americans would be held personally responsible. It is officially announced that Admiral Sir A. K. Wilson has been appointed to succeed Lord Fisher, as from January 25th. In connection with the recent cyclone the captain of the steamer Moldavia offered assistance to the Cocos islanders, but a reply was received that the stores were abundant. The mint has purchased £70,000 worth of silver for Commonwealth coinage. The Senate passed the Finance Bill by 10 to 16. Switchmen on thirteen Northwestern railways in the United States have struck for an increase of wages. The barque Addeley, from Newcastle, Australia, is ashore at Puna. She must be lightened before floating.

In handing the Nicaraguan Charge d'Affaires at Washington his passports, Mr. Knox, Secretary of State, said that the authors of the recent executions of two Americans would be held personally responsible. It is officially announced that Admiral Sir A. K. Wilson has been appointed to succeed Lord Fisher, as from January 25th. In connection with the recent cyclone the captain of the steamer Moldavia offered assistance to the Cocos islanders, but a reply was received that the stores were abundant. The mint has purchased £70,000 worth of silver for Commonwealth coinage. The Senate passed the Finance Bill by 10 to 16. Switchmen on thirteen Northwestern railways in the United States have struck for an increase of wages. The barque Addeley, from Newcastle, Australia, is ashore at Puna. She must be lightened before floating.

In handing the Nicaraguan Charge d'Affaires at Washington his passports, Mr. Knox, Secretary of State, said that the authors of the recent executions of two Americans would be held personally responsible. It is officially announced that Admiral Sir A. K. Wilson has been appointed to succeed Lord Fisher, as from January 25th. In connection with the recent cyclone the captain of the steamer Moldavia offered assistance to the Cocos islanders, but a reply was received that the stores were abundant. The mint has purchased £70,000 worth of silver for Commonwealth coinage. The Senate passed the Finance Bill by 10 to 16. Switchmen on thirteen Northwestern railways in the United States have struck for an increase of wages. The barque Addeley, from Newcastle, Australia, is ashore at Puna. She must be lightened before floating.

In handing the Nicaraguan Charge d'Affaires at Washington his passports, Mr. Knox, Secretary of State, said that the authors of the recent executions of two Americans would be held personally responsible. It is officially announced that Admiral Sir A. K. Wilson has been appointed to succeed Lord Fisher, as from January 25th. In connection with the recent cyclone the captain of the steamer Moldavia offered assistance to the Cocos islanders, but a reply was received that the stores were abundant. The mint has purchased £70,000 worth of silver for Commonwealth coinage. The Senate passed the Finance Bill by 10 to 16. Switchmen on thirteen Northwestern railways in the United States have struck for an increase of wages. The barque Addeley, from Newcastle, Australia, is ashore at Puna. She must be lightened before floating.

PARLIAMENT.
LEGISLATIVE COUNCIL.
HOSPITALS AND CHARITABLE INSTITUTIONS BILL.
Per Press Association.
WELLINGTON, Dec. 2.

The Legislative Council passed the second reading of the Hospitals and Charitable Institutions Bill just after midnight on Wednesday.

STRIKE IN THE STATE COAL MINE.
SYMPATHY WITH THE STRIKERS.
Per Press Association.
GREYMOUTH, Dec. 2.

The miners so far have made no new move.

WAIROA HARBOR BOARD.
THE EMPOWERING BILL.
WELLINGTON, Dec. 3.

The Wairoa Harbor Board's Empowering and Loan Bill has been amended by the Local Bills Committee in the direction of providing for the election of five members of the Board by the electors.

CHARGE OF ATTEMPTED MURDER.
A FARMER ARRESTED.
Per Press Association.
WELLINGTON, Dec. 2.

Joseph Williams, a farmer belonging to Birkenhead, north of Auckland, was arrested last night on a charge of attempted murder.

AN OFFICER'S INSUBORDINATION.
PLACED UNDER ARREST.
Per Press Association.
AUCKLAND, Dec. 2.

A sensation was caused in local volunteering circles to-day when it became known that Capt. F. B. Kyevett, officer commanding the No. 1 Company, Auckland Garrison Artillery Volunteers, had been placed under arrest.

THE DARCAVILLE MURDER.
A QUESTION IN THE HOUSE.
WELLINGTON, Dec. 2.

Some days ago Mr. Stallworthy put a question to the Minister in charge of mental hospitals regarding the case of the man George Allwood, who, shortly after his liberation from Avondale Mental Hospital, murdered a woman in the streets of Dargaville.

The Legislative Council passed the second reading of the Hospitals and Charitable Institutions Bill just after midnight on Wednesday. The miners so far have made no new move. The Wairoa Harbor Board's Empowering and Loan Bill has been amended by the Local Bills Committee in the direction of providing for the election of five members of the Board by the electors. Joseph Williams, a farmer belonging to Birkenhead, north of Auckland, was arrested last night on a charge of attempted murder. A sensation was caused in local volunteering circles to-day when it became known that Capt. F. B. Kyevett, officer commanding the No. 1 Company, Auckland Garrison Artillery Volunteers, had been placed under arrest. Some days ago Mr. Stallworthy put a question to the Minister in charge of mental hospitals regarding the case of the man George Allwood, who, shortly after his liberation from Avondale Mental Hospital, murdered a woman in the streets of Dargaville.

The Legislative Council passed the second reading of the Hospitals and Charitable Institutions Bill just after midnight on Wednesday. The miners so far have made no new move. The Wairoa Harbor Board's Empowering and Loan Bill has been amended by the Local Bills Committee in the direction of providing for the election of five members of the Board by the electors. Joseph Williams, a farmer belonging to Birkenhead, north of Auckland, was arrested last night on a charge of attempted murder. A sensation was caused in local volunteering circles to-day when it became known that Capt. F. B. Kyevett, officer commanding the No. 1 Company, Auckland Garrison Artillery Volunteers, had been placed under arrest. Some days ago Mr. Stallworthy put a question to the Minister in charge of mental hospitals regarding the case of the man George Allwood, who, shortly after his liberation from Avondale Mental Hospital, murdered a woman in the streets of Dargaville.

The Legislative Council passed the second reading of the Hospitals and Charitable Institutions Bill just after midnight on Wednesday. The miners so far have made no new move. The Wairoa Harbor Board's Empowering and Loan Bill has been amended by the Local Bills Committee in the direction of providing for the election of five members of the Board by the electors. Joseph Williams, a farmer belonging to Birkenhead, north of Auckland, was arrested last night on a charge of attempted murder. A sensation was caused in local volunteering circles to-day when it became known that Capt. F. B. Kyevett, officer commanding the No. 1 Company, Auckland Garrison Artillery Volunteers, had been placed under arrest. Some days ago Mr. Stallworthy put a question to the Minister in charge of mental hospitals regarding the case of the man George Allwood, who, shortly after his liberation from Avondale Mental Hospital, murdered a woman in the streets of Dargaville.

The Legislative Council passed the second reading of the Hospitals and Charitable Institutions Bill just after midnight on Wednesday. The miners so far have made no new move. The Wairoa Harbor Board's Empowering and Loan Bill has been amended by the Local Bills Committee in the direction of providing for the election of five members of the Board by the electors. Joseph Williams, a farmer belonging to Birkenhead, north of Auckland, was arrested last night on a charge of attempted murder. A sensation was caused in local volunteering circles to-day when it became known that Capt. F. B. Kyevett, officer commanding the No. 1 Company, Auckland Garrison Artillery Volunteers, had been placed under arrest. Some days ago Mr. Stallworthy put a question to the Minister in charge of mental hospitals regarding the case of the man George Allwood, who, shortly after his liberation from Avondale Mental Hospital, murdered a woman in the streets of Dargaville.

The Legislative Council passed the second reading of the Hospitals and Charitable Institutions Bill just after midnight on Wednesday. The miners so far have made no new move. The Wairoa Harbor Board's Empowering and Loan Bill has been amended by the Local Bills Committee in the direction of providing for the election of five members of the Board by the electors. Joseph Williams, a farmer belonging to Birkenhead, north of Auckland, was arrested last night on a charge of attempted murder. A sensation was caused in local volunteering circles to-day when it became known that Capt. F. B. Kyevett, officer commanding the No. 1 Company, Auckland Garrison Artillery Volunteers, had been placed under arrest. Some days ago Mr. Stallworthy put a question to the Minister in charge of mental hospitals regarding the case of the man George Allwood, who, shortly after his liberation from Avondale Mental Hospital, murdered a woman in the streets of Dargaville.

The Legislative Council passed the second reading of the Hospitals and Charitable Institutions Bill just after midnight on Wednesday. The miners so far have made no new move. The Wairoa Harbor Board's Empowering and Loan Bill has been amended by the Local Bills Committee in the direction of providing for the election of five members of the Board by the electors. Joseph Williams, a farmer belonging to Birkenhead, north of Auckland, was arrested last night on a charge of attempted murder. A sensation was caused in local volunteering circles to-day when it became known that Capt. F. B. Kyevett, officer commanding the No. 1 Company, Auckland Garrison Artillery Volunteers, had been placed under arrest. Some days ago Mr. Stallworthy put a question to the Minister in charge of mental hospitals regarding the case of the man George Allwood, who, shortly after his liberation from Avondale Mental Hospital, murdered a woman in the streets of Dargaville.

LATE NEWS.
SPORTS AND PASTIMES.
TENNIS.
NEW ZEALAND AND THE TENNIS ASSOCIATION.
United Press Association—Copyright.
SYDNEY, Dec. 2.

The Council of the Tennis Association, with Professor Hunter, of New Zealand, discussed the question of New Zealand's secession, and decided to make certain alterations in the constitution of the Association.

ROWING.
FOXTON SCULLING HANDICAP.
Per Press Association.
PALMERSTON N., Dec. 2.

The first heats of the Foxton Sculling Handicap were decided to-day at Longburn, above the Wirokino bridge, Manawatu river.

POLITICAL NOTES.
RUSHING THE WORK THROUGH.
WELLINGTON, Dec. 2.

Every preparation has been made to extinguish the session almost as soon as it has really commenced.

BUSINESS NOTES.

A smart lad is wanted for the Industrial Exhibition. Application is to be made to the Secretaries, Gladstone Road.

The Council of the Tennis Association, with Professor Hunter, of New Zealand, discussed the question of New Zealand's secession, and decided to make certain alterations in the constitution of the Association. The first heats of the Foxton Sculling Handicap were decided to-day at Longburn, above the Wirokino bridge, Manawatu river. Every preparation has been made to extinguish the session almost as soon as it has really commenced. A smart lad is wanted for the Industrial Exhibition. Application is to be made to the Secretaries, Gladstone Road.

The Council of the Tennis Association, with Professor Hunter, of New Zealand, discussed the question of New Zealand's secession, and decided to make certain alterations in the constitution of the Association. The first heats of the Foxton Sculling Handicap were decided to-day at Longburn, above the Wirokino bridge, Manawatu river. Every preparation has been made to extinguish the session almost as soon as it has really commenced. A smart lad is wanted for the Industrial Exhibition. Application is to be made to the Secretaries, Gladstone Road.

The Council of the Tennis Association, with Professor Hunter, of New Zealand, discussed the question of New Zealand's secession, and decided to make certain alterations in the constitution of the Association. The first heats of the Foxton Sculling Handicap were decided to-day at Longburn, above the Wirokino bridge, Manawatu river. Every preparation has been made to extinguish the session almost as soon as it has really commenced. A smart lad is wanted for the Industrial Exhibition. Application is to be made to the Secretaries, Gladstone Road.

The Council of the Tennis Association, with Professor Hunter, of New Zealand, discussed the question of New Zealand's secession, and decided to make certain alterations in the constitution of the Association. The first heats of the Foxton Sculling Handicap were decided to-day at Longburn, above the Wirokino bridge, Manawatu river. Every preparation has been made to extinguish the session almost as soon as it has really commenced. A smart lad is wanted for the Industrial Exhibition. Application is to be made to the Secretaries, Gladstone Road.

The Council of the Tennis Association, with Professor Hunter, of New Zealand, discussed the question of New Zealand's secession, and decided to make certain alterations in the constitution of the Association. The first heats of the Foxton Sculling Handicap were decided to-day at Longburn, above the Wirokino bridge, Manawatu river. Every preparation has been made to extinguish the session almost as soon as it has really commenced. A smart lad is wanted for the Industrial Exhibition. Application is to be made to the Secretaries, Gladstone Road.

The Council of the Tennis Association, with Professor Hunter, of New Zealand, discussed the question of New Zealand's secession, and decided to make certain alterations in the constitution of the Association. The first heats of the Foxton Sculling Handicap were decided to-day at Longburn, above the Wirokino bridge, Manawatu river. Every preparation has been made to extinguish the session almost as soon as it has really commenced. A smart lad is wanted for the Industrial Exhibition. Application is to be made to the Secretaries, Gladstone Road.

The Council of the Tennis Association, with Professor Hunter, of New Zealand, discussed the question of New Zealand's secession, and decided to make certain alterations in the constitution of the Association. The first heats of the Foxton Sculling Handicap were decided to-day at Longburn, above the Wirokino bridge, Manawatu river. Every preparation has been made to extinguish the session almost as soon as it has really commenced. A smart lad is wanted for the Industrial Exhibition. Application is to be made to the Secretaries, Gladstone Road.

The Council of the Tennis Association, with Professor Hunter, of New Zealand, discussed the question of New Zealand's secession, and decided to make certain alterations in the constitution of the Association. The first heats of the Foxton Sculling Handicap were decided to-day at Longburn, above the Wirokino bridge, Manawatu river. Every preparation has been made to extinguish the session almost as soon as it has really commenced. A smart lad is wanted for the Industrial Exhibition. Application is to be made to the Secretaries, Gladstone Road.

The Council of the Tennis Association, with Professor Hunter, of New Zealand, discussed the question of New Zealand's secession, and decided to make certain alterations in the constitution of the Association. The first heats of the Foxton Sculling Handicap were decided to-day at Longburn, above the Wirokino bridge, Manawatu river. Every preparation has been made to extinguish the session almost as soon as it has really commenced. A smart lad is wanted for the Industrial Exhibition. Application is to be made to the Secretaries, Gladstone Road.

The Council of the Tennis Association, with Professor Hunter, of New Zealand, discussed the question of New Zealand's secession, and decided to make certain alterations in the constitution of the Association. The first heats of the Foxton Sculling Handicap were decided to-day at Longburn, above the Wirokino bridge, Manawatu river. Every preparation has been made to extinguish the session almost as soon as it has really commenced. A smart lad is wanted for the Industrial Exhibition. Application is to be made to the Secretaries, Gladstone Road.
